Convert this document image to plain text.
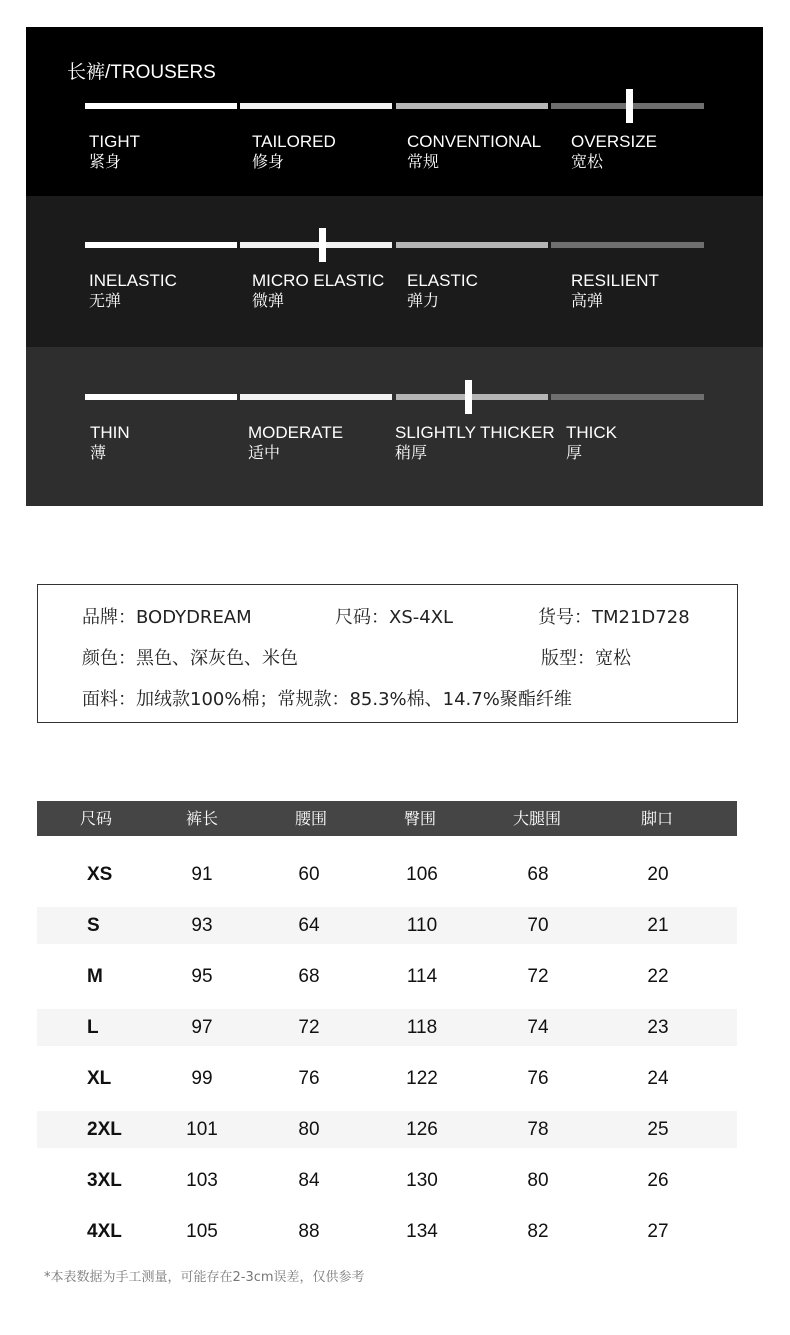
长裤/TROUSERS
TIGHT
紧身
TAILORED
修身
CONVENTIONAL
常规
OVERSIZE
宽松
INELASTIC
无弹
MICRO ELASTIC
微弹
ELASTIC
弹力
RESILIENT
高弹
THIN
薄
MODERATE
适中
SLIGHTLY THICKER
稍厚
THICK
厚
品牌：BODYDREAM	尺码：XS-4XL	货号：TM21D728
颜色：黑色、深灰色、米色	版型：宽松
面料：加绒款100%棉；常规款：85.3%棉、14.7%聚酯纤维
尺码	裤长	腰围	臀围	大腿围	脚口
XS	91	60	106	68	20
S	93	64	110	70	21
M	95	68	114	72	22
L	97	72	118	74	23
XL	99	76	122	76	24
2XL	101	80	126	78	25
3XL	103	84	130	80	26
4XL	105	88	134	82	27
*本表数据为手工测量，可能存在2-3cm误差，仅供参考
